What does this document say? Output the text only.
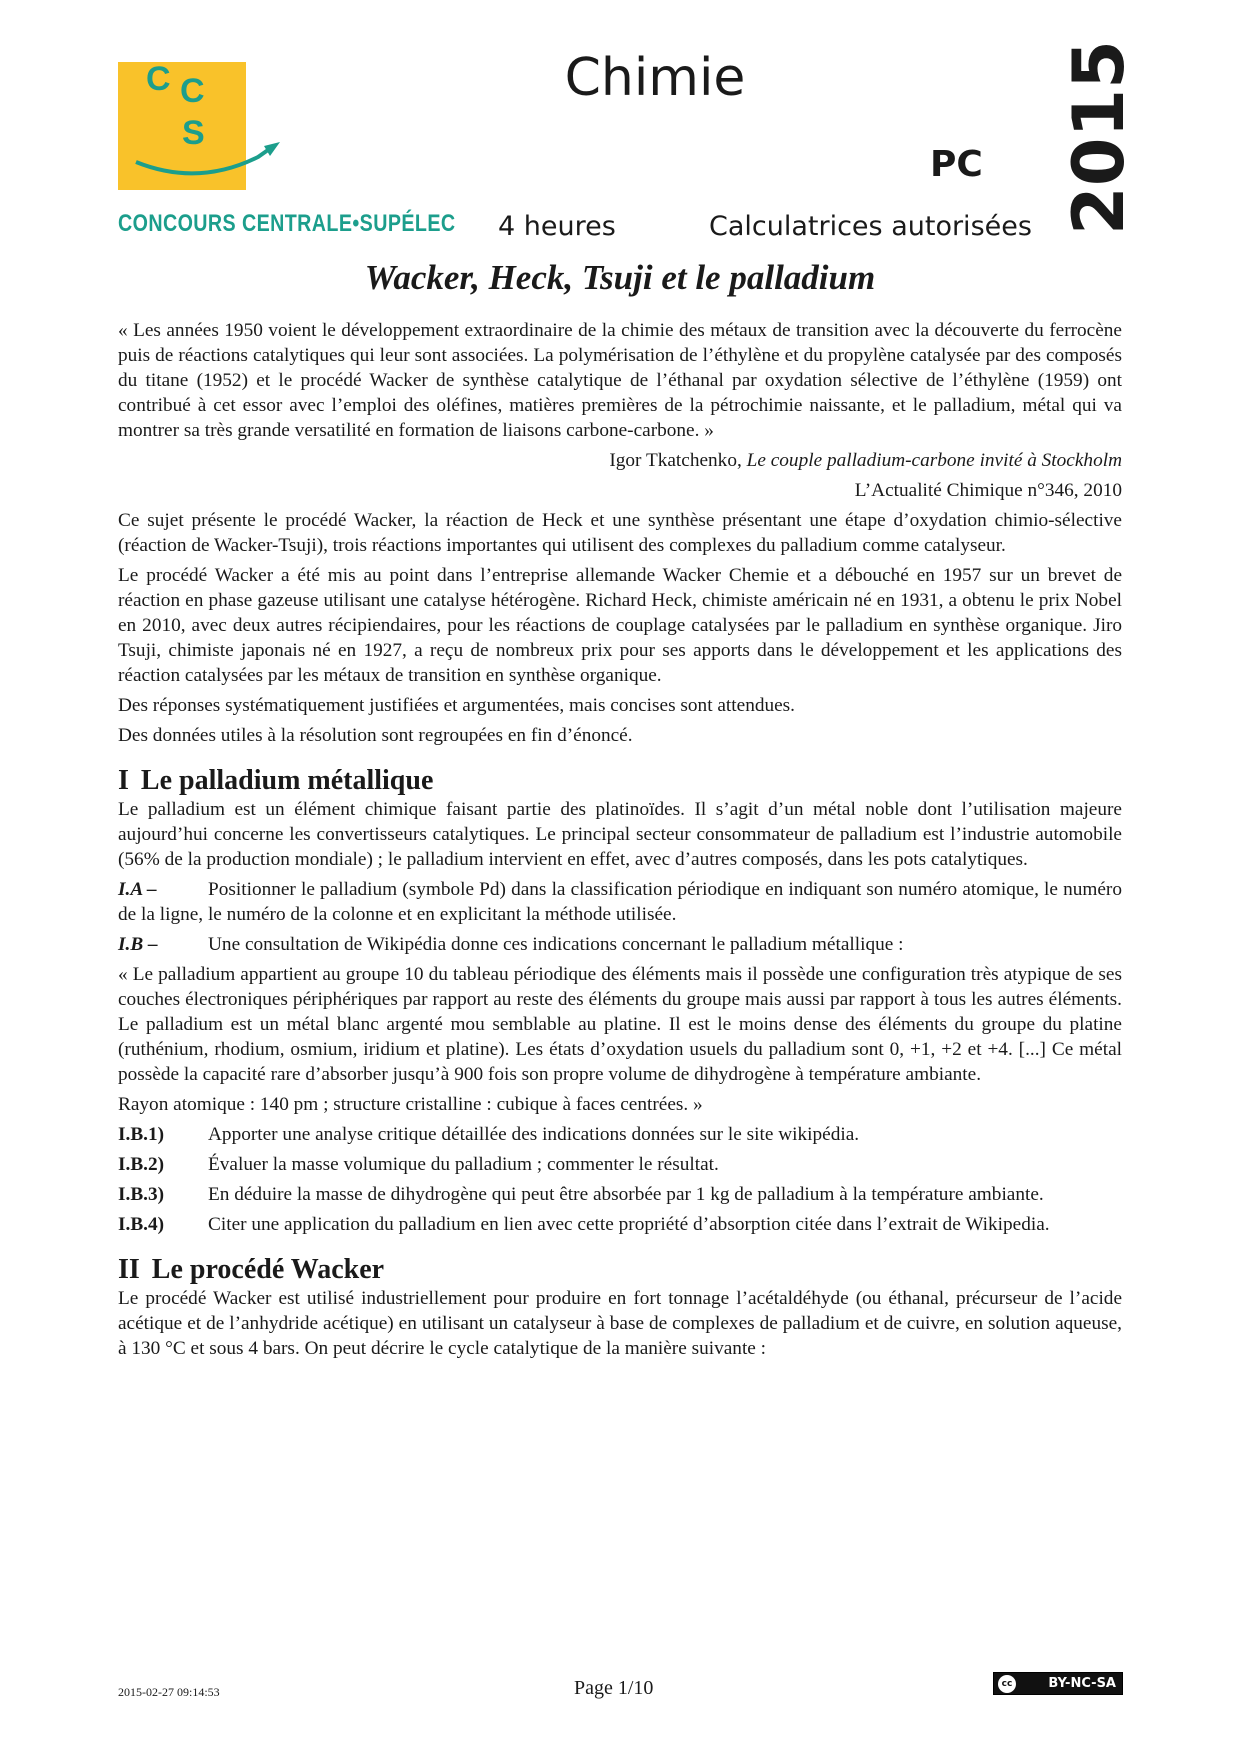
C C
S
CONCOURS CENTRALE•SUPÉLEC
Chimie
PC
4 heures	Calculatrices autorisées 2015
Wacker, Heck, Tsuji et le palladium

« Les années 1950 voient le développement extraordinaire de la chimie des métaux de transition avec la découverte du ferrocène puis de réactions catalytiques qui leur sont associées. La polymérisation de l’éthylène et du propylène catalysée par des composés du titane (1952) et le procédé Wacker de synthèse catalytique de l’éthanal par oxydation sélective de l’éthylène (1959) ont contribué à cet essor avec l’emploi des oléfines, matières premières de la pétrochimie naissante, et le palladium, métal qui va montrer sa très grande versatilité en formation de liaisons carbone-carbone. »

Igor Tkatchenko, Le couple palladium-carbone invité à Stockholm

L’Actualité Chimique n°346, 2010

Ce sujet présente le procédé Wacker, la réaction de Heck et une synthèse présentant une étape d’oxydation chimio-sélective (réaction de Wacker-Tsuji), trois réactions importantes qui utilisent des complexes du palladium comme catalyseur.

Le procédé Wacker a été mis au point dans l’entreprise allemande Wacker Chemie et a débouché en 1957 sur un brevet de réaction en phase gazeuse utilisant une catalyse hétérogène. Richard Heck, chimiste américain né en 1931, a obtenu le prix Nobel en 2010, avec deux autres récipiendaires, pour les réactions de couplage catalysées par le palladium en synthèse organique. Jiro Tsuji, chimiste japonais né en 1927, a reçu de nombreux prix pour ses apports dans le développement et les applications des réaction catalysées par les métaux de transition en synthèse organique.

Des réponses systématiquement justifiées et argumentées, mais concises sont attendues.

Des données utiles à la résolution sont regroupées en fin d’énoncé.

I Le palladium métallique

Le palladium est un élément chimique faisant partie des platinoïdes. Il s’agit d’un métal noble dont l’utilisation majeure aujourd’hui concerne les convertisseurs catalytiques. Le principal secteur consommateur de palladium est l’industrie automobile (56% de la production mondiale) ; le palladium intervient en effet, avec d’autres composés, dans les pots catalytiques.

I.A –	Positionner le palladium (symbole Pd) dans la classification périodique en indiquant son numéro atomique, le numéro de la ligne, le numéro de la colonne et en explicitant la méthode utilisée.

I.B –	Une consultation de Wikipédia donne ces indications concernant le palladium métallique :

« Le palladium appartient au groupe 10 du tableau périodique des éléments mais il possède une configuration très atypique de ses couches électroniques périphériques par rapport au reste des éléments du groupe mais aussi par rapport à tous les autres éléments. Le palladium est un métal blanc argenté mou semblable au platine. Il est le moins dense des éléments du groupe du platine (ruthénium, rhodium, osmium, iridium et platine). Les états d’oxydation usuels du palladium sont 0, +1, +2 et +4. [...] Ce métal possède la capacité rare d’absorber jusqu’à 900 fois son propre volume de dihydrogène à température ambiante.

Rayon atomique : 140 pm ; structure cristalline : cubique à faces centrées. »

I.B.1) Apporter une analyse critique détaillée des indications données sur le site wikipédia.

I.B.2) Évaluer la masse volumique du palladium ; commenter le résultat.

I.B.3) En déduire la masse de dihydrogène qui peut être absorbée par 1 kg de palladium à la température ambiante.

I.B.4) Citer une application du palladium en lien avec cette propriété d’absorption citée dans l’extrait de Wikipedia.

II Le procédé Wacker

Le procédé Wacker est utilisé industriellement pour produire en fort tonnage l’acétaldéhyde (ou éthanal, précurseur de l’acide acétique et de l’anhydride acétique) en utilisant un catalyseur à base de complexes de palladium et de cuivre, en solution aqueuse, à 130 °C et sous 4 bars. On peut décrire le cycle catalytique de la manière suivante :

2015-02-27 09:14:53	Page 1/10	cc	BY-NC-SA
